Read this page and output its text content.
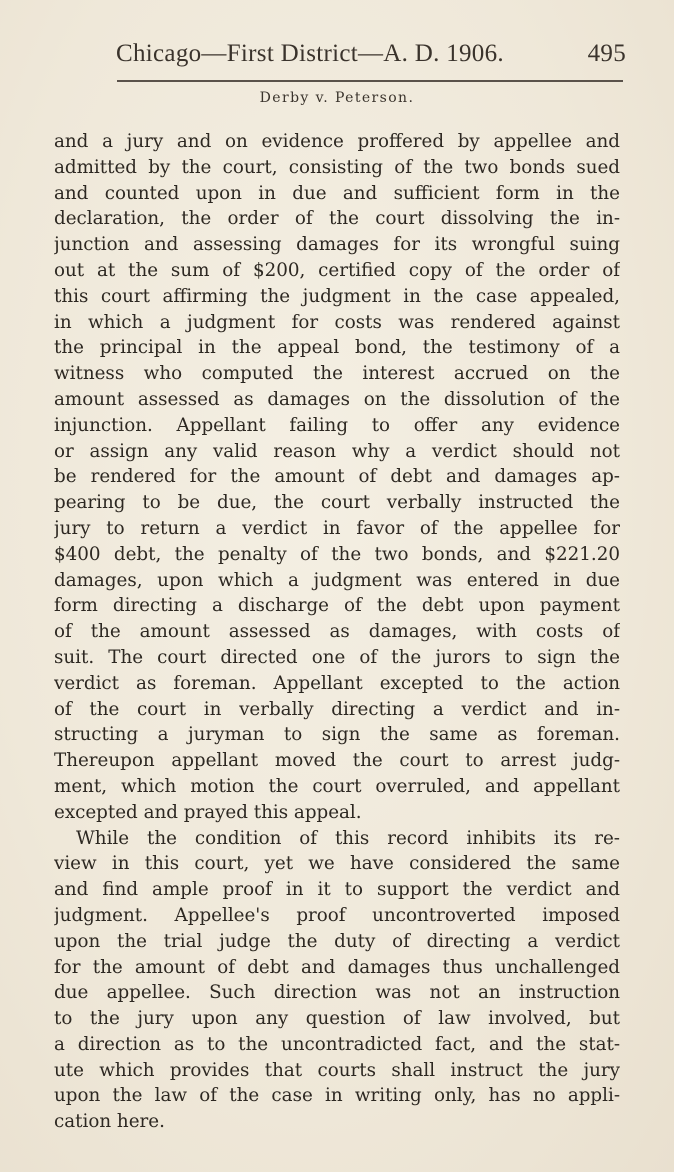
Chicago—First District—A. D. 1906.	495
Derby v. Peterson.
and a jury and on evidence proffered by appellee and
admitted by the court, consisting of the two bonds sued
and counted upon in due and sufficient form in the
declaration, the order of the court dissolving the in-
junction and assessing damages for its wrongful suing
out at the sum of $200, certified copy of the order of
this court affirming the judgment in the case appealed,
in which a judgment for costs was rendered against
the principal in the appeal bond, the testimony of a
witness who computed the interest accrued on the
amount assessed as damages on the dissolution of the
injunction. Appellant failing to offer any evidence
or assign any valid reason why a verdict should not
be rendered for the amount of debt and damages ap-
pearing to be due, the court verbally instructed the
jury to return a verdict in favor of the appellee for
$400 debt, the penalty of the two bonds, and $221.20
damages, upon which a judgment was entered in due
form directing a discharge of the debt upon payment
of the amount assessed as damages, with costs of
suit. The court directed one of the jurors to sign the
verdict as foreman. Appellant excepted to the action
of the court in verbally directing a verdict and in-
structing a juryman to sign the same as foreman.
Thereupon appellant moved the court to arrest judg-
ment, which motion the court overruled, and appellant
excepted and prayed this appeal.
While the condition of this record inhibits its re-
view in this court, yet we have considered the same
and find ample proof in it to support the verdict and
judgment. Appellee's proof uncontroverted imposed
upon the trial judge the duty of directing a verdict
for the amount of debt and damages thus unchallenged
due appellee. Such direction was not an instruction
to the jury upon any question of law involved, but
a direction as to the uncontradicted fact, and the stat-
ute which provides that courts shall instruct the jury
upon the law of the case in writing only, has no appli-
cation here.
